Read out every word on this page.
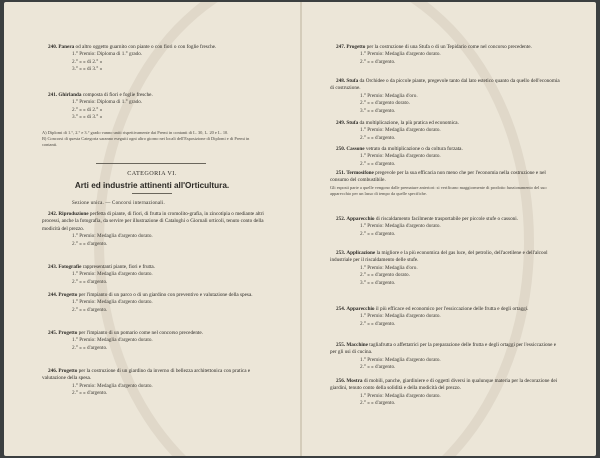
240. Panera od altro oggetto guarnito con piante o con fiori o con foglie fresche.
1.° Premio: Diploma di 1.° grado.
2.° » » di 2.° »
3.° » » di 3.° »
241. Ghirlanda composta di fiori e foglie fresche.
1.° Premio: Diploma di 1.° grado.
2.° » » di 2.° »
3.° » » di 3.° »
A) Diplomi di 1.°, 2.° e 3.° grado vanno uniti rispettivamente dai Premi in contanti di L. 30, L. 20 e L. 10.
B) Concorsi di questa Categoria saranno eseguiti ogni altro giorno nei locali dell'Esposizione di Diplomi e di Premi in contanti.
CATEGORIA VI.
Arti ed industrie attinenti all'Orticultura.
Sezione unica. — Concorsi internazionali.
242. Riproduzione perfetta di piante, di fiori, di frutta in cromolito-grafia, in zincotipia o mediante altri processi, anche la fotografia, da servire per illustrazione di Cataloghi o Giornali orticoli, tenuto conto della modicità del prezzo.
1.° Premio: Medaglia d'argento dorato.
2.° » » d'argento.
243. Fotografie rappresentanti piante, fiori e frutta.
1.° Premio: Medaglia d'argento dorato.
2.° » » d'argento.
244. Progetto per l'impianto di un parco o di un giardino con preventivo e valutazione della spesa.
1.° Premio: Medaglia d'argento dorato.
2.° » » d'argento.
245. Progetto per l'impianto di un pomario come nel concorso precedente.
1.° Premio: Medaglia d'argento dorato.
2.° » » d'argento.
246. Progetto per la costruzione di un giardino da inverno di bellezza architettonica con pratica e valutazione della spesa.
1.° Premio: Medaglia d'argento dorato.
2.° » » d'argento.
247. Progetto per la costruzione di una Stufa o di un Tepidario come nel concorso precedente.
1.° Premio: Medaglia d'argento dorato.
2.° » » d'argento.
248. Stufa da Orchidee o da piccole piante, pregevole tanto dal lato estetico quanto da quello dell'economia di costruzione.
1.° Premio: Medaglia d'oro.
2.° » » d'argento dorato.
3.° » » d'argento.
249. Stufa da moltiplicazione, la più pratica ed economica.
1.° Premio: Medaglia d'argento dorato.
2.° » » d'argento.
250. Cassone vetrato da moltiplicazione o da coltura forzata.
1.° Premio: Medaglia d'argento dorato.
2.° » » d'argento.
251. Termosifone pregevole per la sua efficacia non meno che per l'economia nella costruzione e nel consumo del combustibile.
Gli esposti parte a quelle vengono dalle premature anteriori: si verificano maggiormente di prodotto funzionamento del suo apparecchio per un lasso di tempo da quelle specifiche.
252. Apparecchio di riscaldamento facilmente trasportabile per piccole stufe o cassoni.
1.° Premio: Medaglia d'argento dorato.
2.° » » d'argento.
253. Applicazione la migliore e la più economica del gas luce, del petrolio, dell'acetilene e dell'alcool industriale per il riscaldamento delle stufe.
1.° Premio: Medaglia d'oro.
2.° » » d'argento dorato.
3.° » » d'argento.
254. Apparecchio il più efficace ed economico per l'essiccazione delle frutta e degli ortaggi.
1.° Premio: Medaglia d'argento dorato.
2.° » » d'argento.
255. Macchine tagliafrutta o affettatrici per la preparazione delle frutta e degli ortaggi per l'essiccazione e per gli usi di cucina.
1.° Premio: Medaglia d'argento dorato.
2.° » » d'argento.
256. Mostra di mobili, panche, giardiniere e di oggetti diversi in qualunque materia per la decorazione dei giardini, tenuto conto della solidità e della modicità del prezzo.
1.° Premio: Medaglia d'argento dorato.
2.° » » d'argento.
